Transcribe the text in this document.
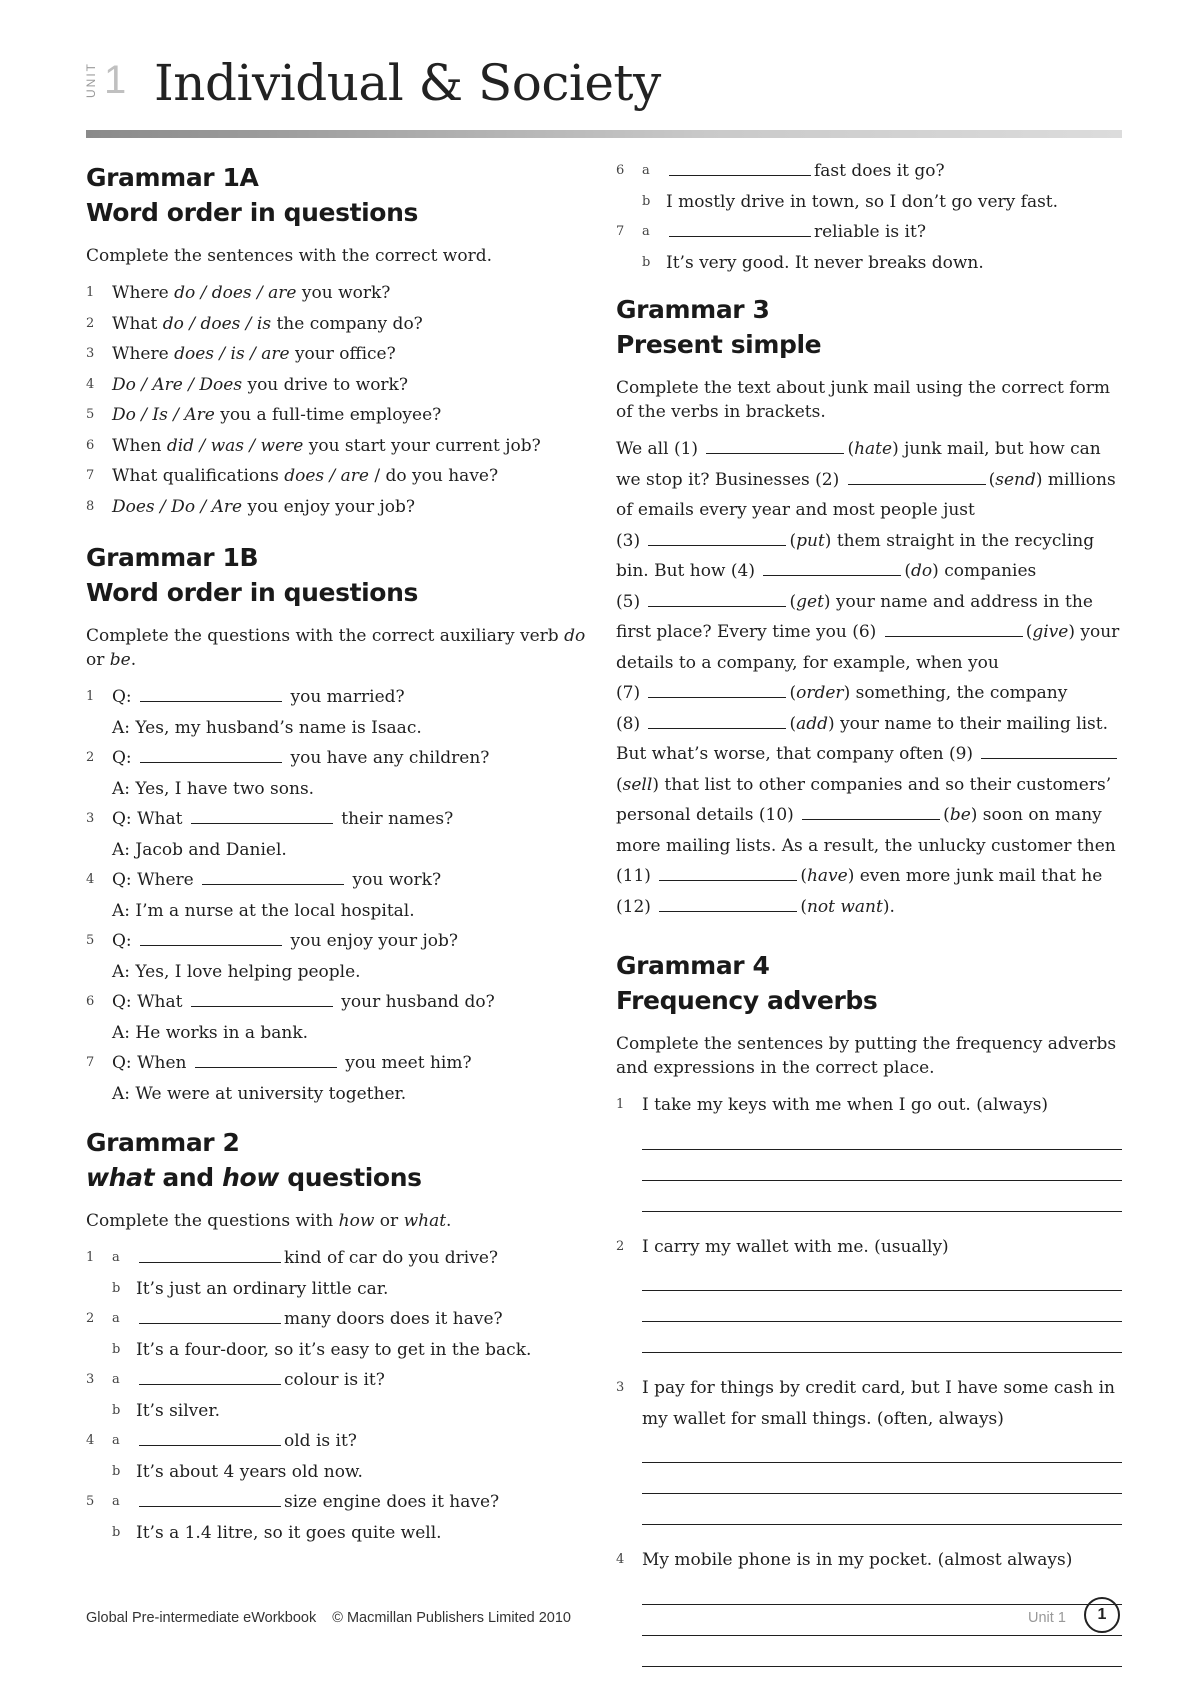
UNIT 1 Individual & Society
Grammar 1A
Word order in questions
Complete the sentences with the correct word.
1 Where do / does / are you work?
2 What do / does / is the company do?
3 Where does / is / are your office?
4 Do / Are / Does you drive to work?
5 Do / Is / Are you a full-time employee?
6 When did / was / were you start your current job?
7 What qualifications does / are / do you have?
8 Does / Do / Are you enjoy your job?
Grammar 1B
Word order in questions
Complete the questions with the correct auxiliary verb do
or be.
1 Q:	you married?
A: Yes, my husband’s name is Isaac.
2 Q:	you have any children?
A: Yes, I have two sons.
3 Q: What	their names?
A: Jacob and Daniel.
4 Q: Where	you work?
A: I’m a nurse at the local hospital.
5 Q:	you enjoy your job?
A: Yes, I love helping people.
6 Q: What	your husband do?
A: He works in a bank.
7 Q: When	you meet him?
A: We were at university together.
Grammar 2
what and how questions
Complete the questions with how or what.
1 a	kind of car do you drive?
b It’s just an ordinary little car.
2 a	many doors does it have?
b It’s a four-door, so it’s easy to get in the back.
3 a	colour is it?
b It’s silver.
4 a	old is it?
b It’s about 4 years old now.
5 a	size engine does it have?
b It’s a 1.4 litre, so it goes quite well.
6 a	fast does it go?
b I mostly drive in town, so I don’t go very fast.
7 a	reliable is it?
b It’s very good. It never breaks down.
Grammar 3
Present simple
Complete the text about junk mail using the correct form of the verbs in brackets.
We all (1)	(hate) junk mail, but how can
we stop it? Businesses (2)	(send) millions
of emails every year and most people just
(3)	(put) them straight in the recycling
bin. But how (4)	(do) companies
(5)	(get) your name and address in the
first place? Every time you (6)	(give) your
details to a company, for example, when you
(7)	(order) something, the company
(8)	(add) your name to their mailing list.
But what’s worse, that company often (9)
(sell) that list to other companies and so their customers’
personal details (10)	(be) soon on many
more mailing lists. As a result, the unlucky customer then
(11)	(have) even more junk mail that he
(12)	(not want).
Grammar 4
Frequency adverbs
Complete the sentences by putting the frequency adverbs and expressions in the correct place.
1 I take my keys with me when I go out. (always)
2 I carry my wallet with me. (usually)
3 I pay for things by credit card, but I have some cash in my wallet for small things. (often, always)
4 My mobile phone is in my pocket. (almost always)
Global Pre-intermediate eWorkbook © Macmillan Publishers Limited 2010	Unit 1	1
